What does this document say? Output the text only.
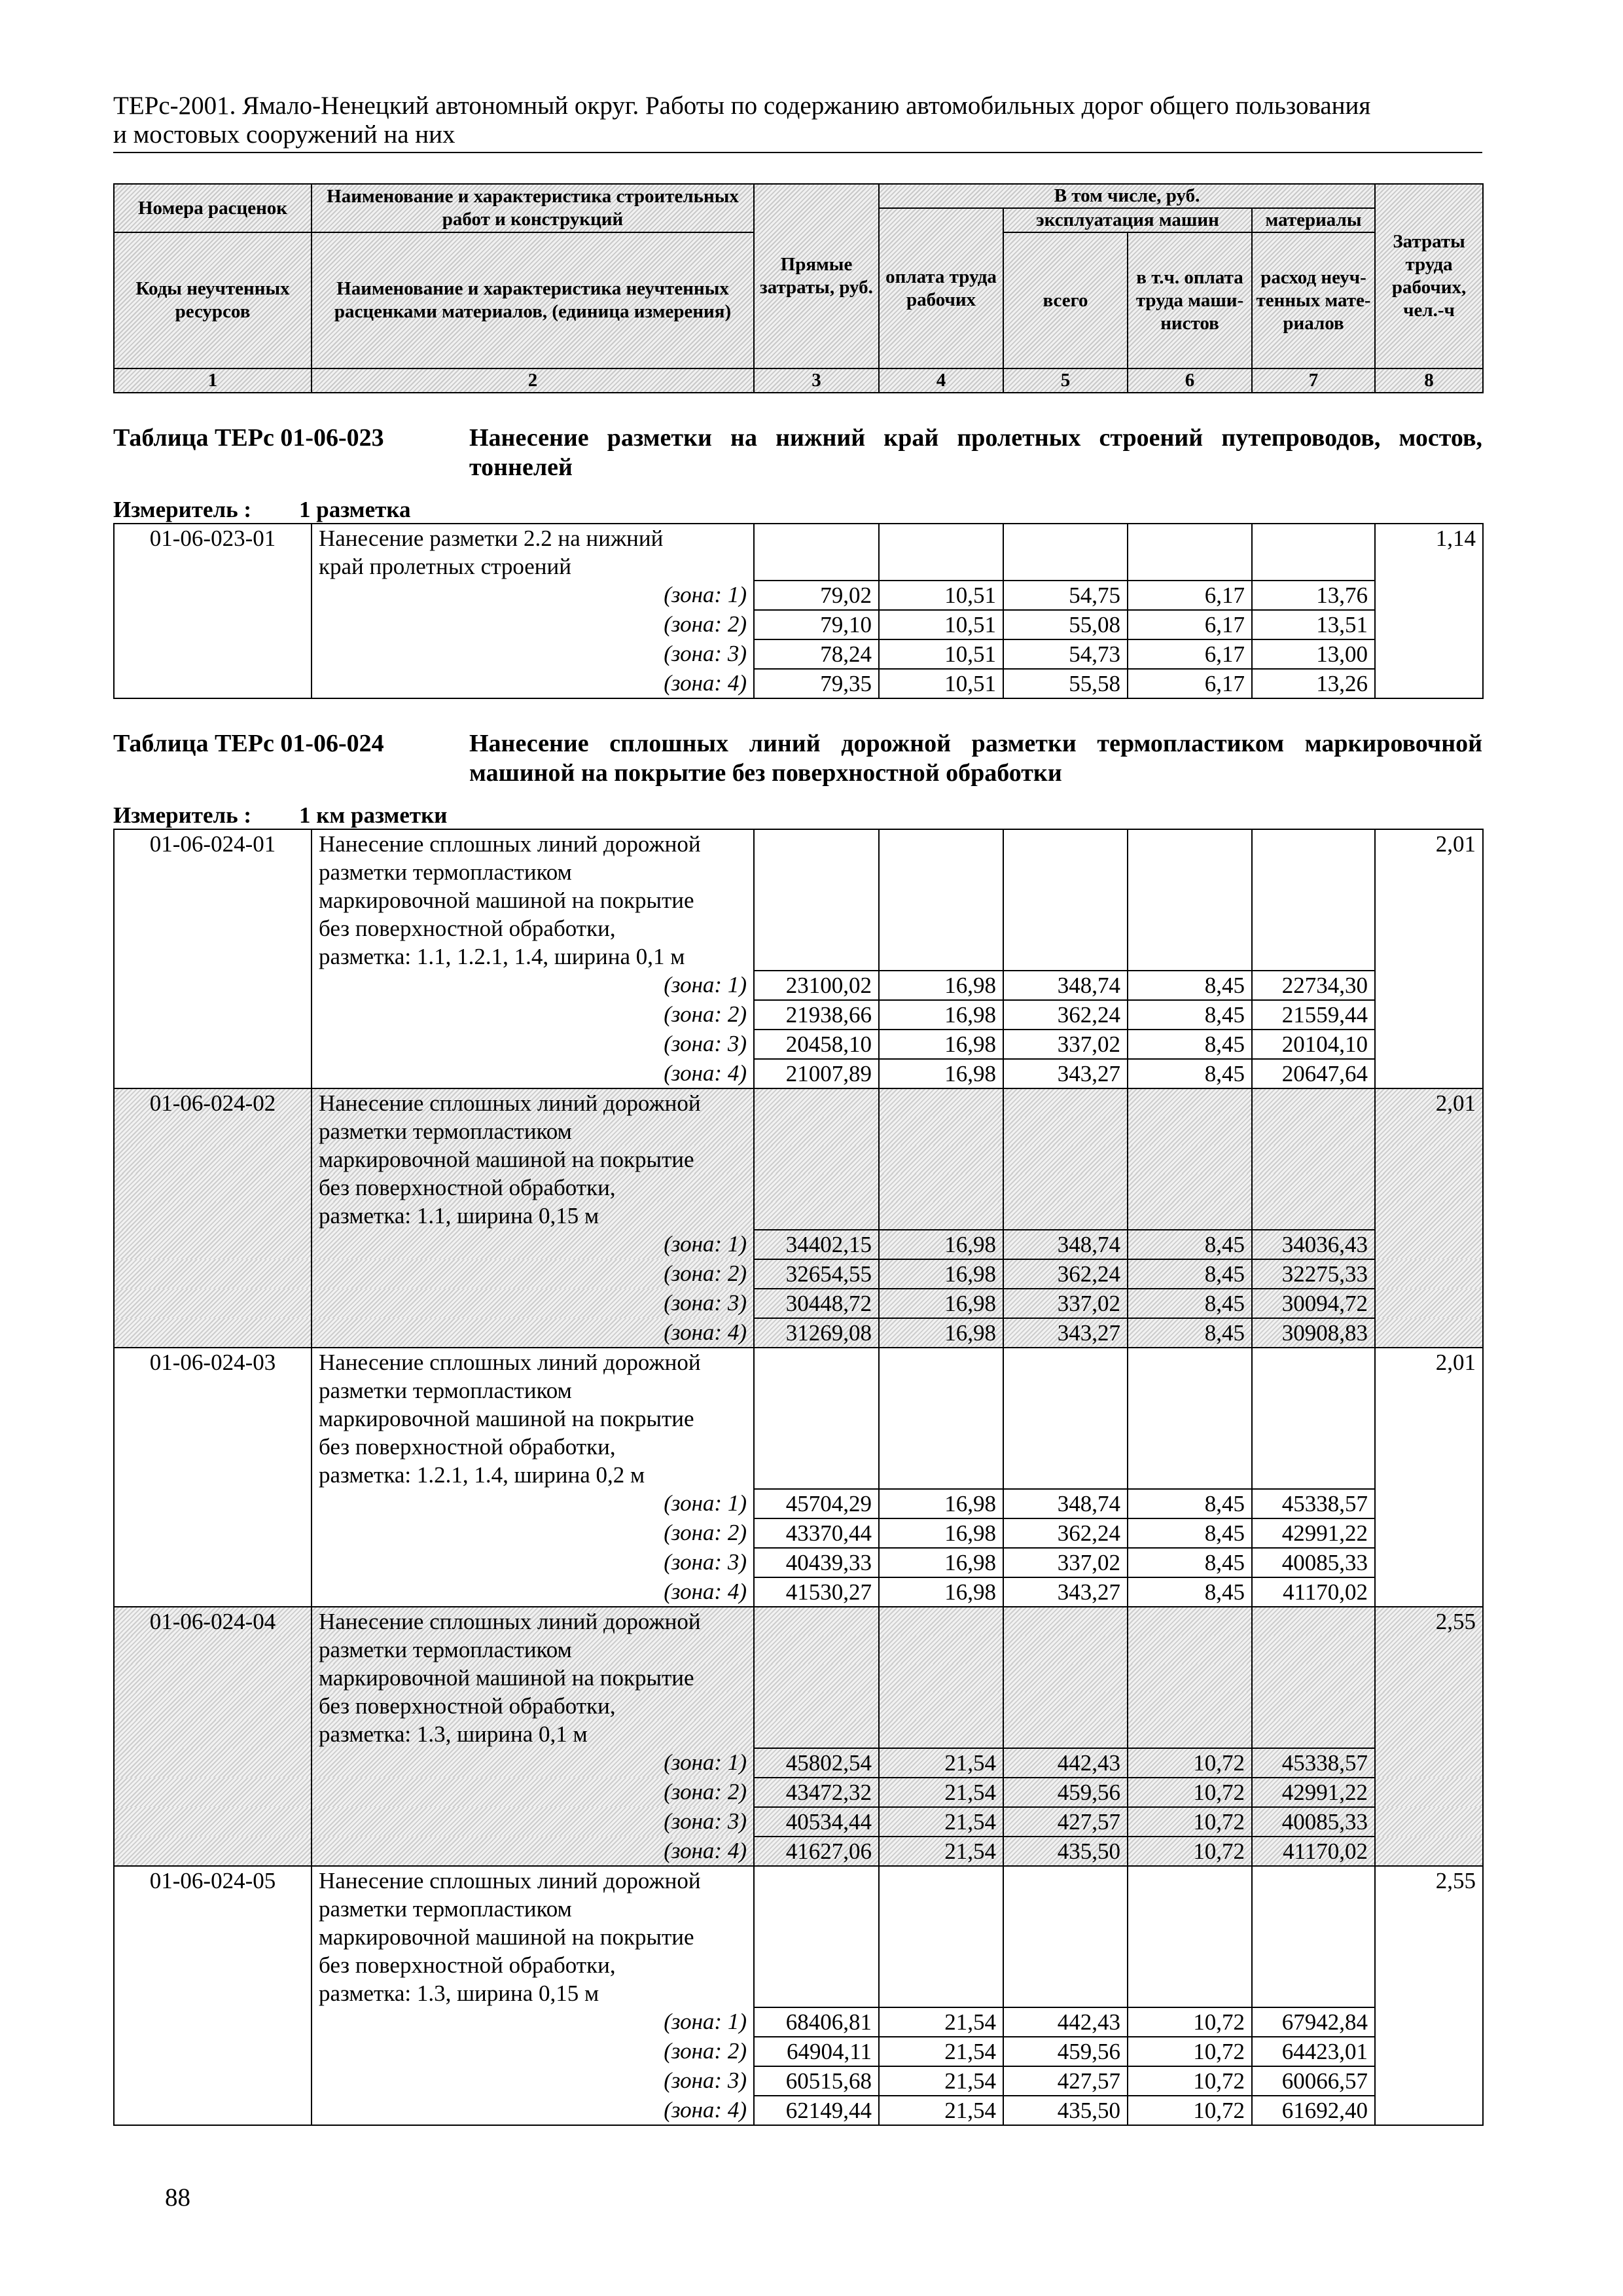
ТЕРс-2001. Ямало-Ненецкий автономный округ. Работы по содержанию автомобильных дорог общего пользования
и мостовых сооружений на них
Номера расценок	Наименование и характеристика строительных работ и конструкций	Прямые затраты, руб.	В том числе, руб.				Затраты труда рабочих, чел.-ч
			оплата труда рабочих	эксплуатация машин		материалы	
Коды неучтенных ресурсов	Наименование и характеристика неучтенных расценками материалов, (единица измерения)			всего	в т.ч. оплата труда маши-нистов	расход неуч-тенных мате-риалов	

1	2	3	4	5	6	7	8
Таблица ТЕРс 01-06-023	Нанесение разметки на нижний край пролетных строений путепроводов, мостов, тоннелей
Измеритель :	1 разметка
01-06-023-01	Нанесение разметки 2.2 на нижний						1,14
	край пролетных строений						
	(зона: 1)	79,02	10,51	54,75	6,17	13,76	
	(зона: 2)	79,10	10,51	55,08	6,17	13,51	
	(зона: 3)	78,24	10,51	54,73	6,17	13,00	
	(зона: 4)	79,35	10,51	55,58	6,17	13,26	
Таблица ТЕРс 01-06-024	Нанесение сплошных линий дорожной разметки термопластиком маркировочной машиной на покрытие без поверхностной обработки
Измеритель :	1 км разметки
01-06-024-01	Нанесение сплошных линий дорожной						2,01
	разметки термопластиком						
	маркировочной машиной на покрытие						
	без поверхностной обработки,						
	разметка: 1.1, 1.2.1, 1.4, ширина 0,1 м						
	(зона: 1)	23100,02	16,98	348,74	8,45	22734,30	
	(зона: 2)	21938,66	16,98	362,24	8,45	21559,44	
	(зона: 3)	20458,10	16,98	337,02	8,45	20104,10	
	(зона: 4)	21007,89	16,98	343,27	8,45	20647,64	
01-06-024-02	Нанесение сплошных линий дорожной						2,01
	разметки термопластиком						
	маркировочной машиной на покрытие						
	без поверхностной обработки,						
	разметка: 1.1, ширина 0,15 м						
	(зона: 1)	34402,15	16,98	348,74	8,45	34036,43	
	(зона: 2)	32654,55	16,98	362,24	8,45	32275,33	
	(зона: 3)	30448,72	16,98	337,02	8,45	30094,72	
	(зона: 4)	31269,08	16,98	343,27	8,45	30908,83	
01-06-024-03	Нанесение сплошных линий дорожной						2,01
	разметки термопластиком						
	маркировочной машиной на покрытие						
	без поверхностной обработки,						
	разметка: 1.2.1, 1.4, ширина 0,2 м						
	(зона: 1)	45704,29	16,98	348,74	8,45	45338,57	
	(зона: 2)	43370,44	16,98	362,24	8,45	42991,22	
	(зона: 3)	40439,33	16,98	337,02	8,45	40085,33	
	(зона: 4)	41530,27	16,98	343,27	8,45	41170,02	
01-06-024-04	Нанесение сплошных линий дорожной						2,55
	разметки термопластиком						
	маркировочной машиной на покрытие						
	без поверхностной обработки,						
	разметка: 1.3, ширина 0,1 м						
	(зона: 1)	45802,54	21,54	442,43	10,72	45338,57	
	(зона: 2)	43472,32	21,54	459,56	10,72	42991,22	
	(зона: 3)	40534,44	21,54	427,57	10,72	40085,33	
	(зона: 4)	41627,06	21,54	435,50	10,72	41170,02	
01-06-024-05	Нанесение сплошных линий дорожной						2,55
	разметки термопластиком						
	маркировочной машиной на покрытие						
	без поверхностной обработки,						
	разметка: 1.3, ширина 0,15 м						
	(зона: 1)	68406,81	21,54	442,43	10,72	67942,84	
	(зона: 2)	64904,11	21,54	459,56	10,72	64423,01	
	(зона: 3)	60515,68	21,54	427,57	10,72	60066,57	
	(зона: 4)	62149,44	21,54	435,50	10,72	61692,40	
88
